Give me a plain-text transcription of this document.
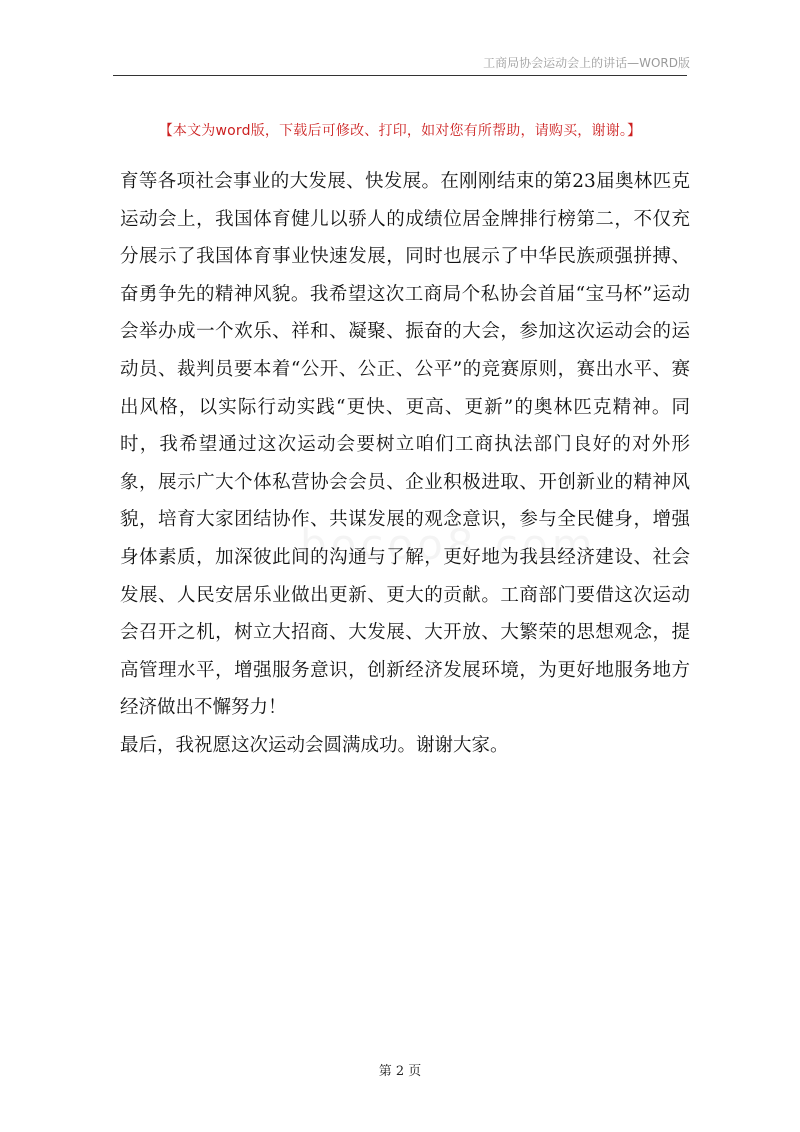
工商局协会运动会上的讲话—WORD版
【本文为word版，下载后可修改、打印，如对您有所帮助，请购买，谢谢。】

育等各项社会事业的大发展、快发展。在刚刚结束的第23届奥林匹克运动会上，我国体育健儿以骄人的成绩位居金牌排行榜第二，不仅充分展示了我国体育事业快速发展，同时也展示了中华民族顽强拼搏、奋勇争先的精神风貌。我希望这次工商局个私协会首届“宝马杯”运动会举办成一个欢乐、祥和、凝聚、振奋的大会，参加这次运动会的运动员、裁判员要本着“公开、公正、公平”的竞赛原则，赛出水平、赛出风格，以实际行动实践“更快、更高、更新”的奥林匹克精神。同时，我希望通过这次运动会要树立咱们工商执法部门良好的对外形象，展示广大个体私营协会会员、企业积极进取、开创新业的精神风貌，培育大家团结协作、共谋发展的观念意识，参与全民健身，增强身体素质，加深彼此间的沟通与了解，更好地为我县经济建设、社会发展、人民安居乐业做出更新、更大的贡献。工商部门要借这次运动会召开之机，树立大招商、大发展、大开放、大繁荣的思想观念，提高管理水平，增强服务意识，创新经济发展环境，为更好地服务地方经济做出不懈努力！

最后，我祝愿这次运动会圆满成功。谢谢大家。

第 2 页
